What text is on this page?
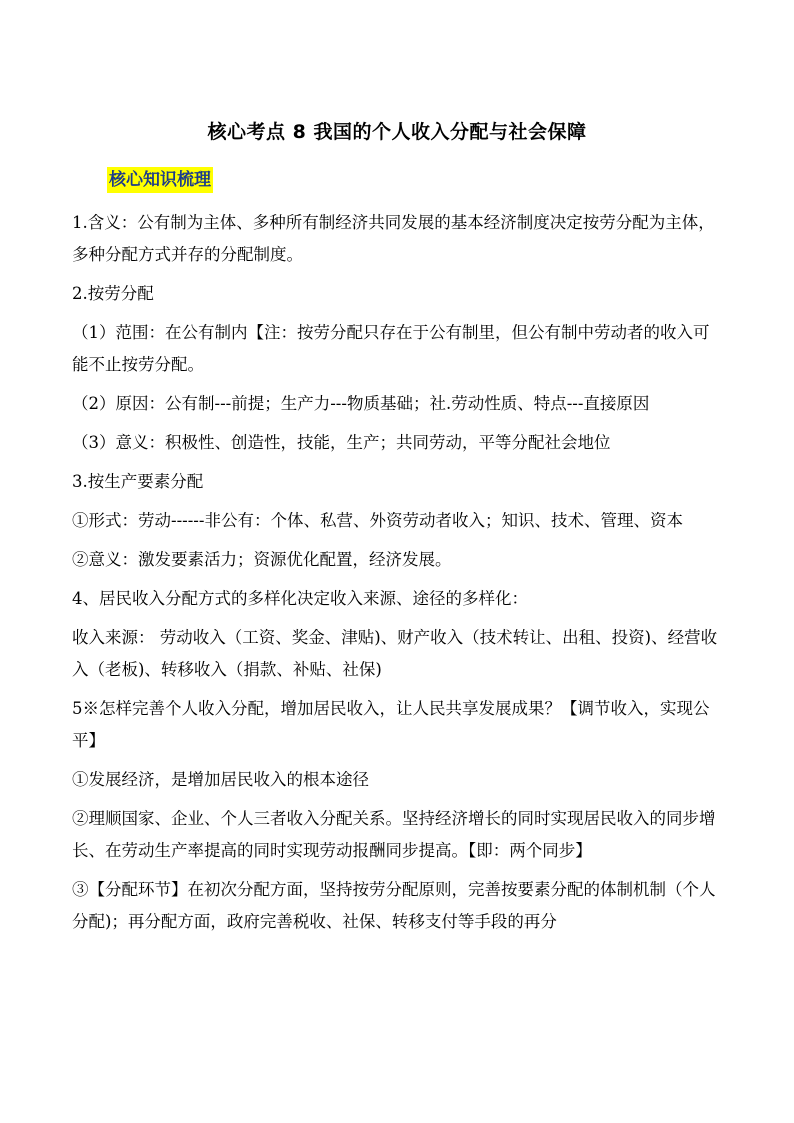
核心考点 8 我国的个人收入分配与社会保障
核心知识梳理

1.含义：公有制为主体、多种所有制经济共同发展的基本经济制度决定按劳分配为主体，多种分配方式并存的分配制度。

2.按劳分配

（1）范围：在公有制内【注：按劳分配只存在于公有制里，但公有制中劳动者的收入可能不止按劳分配。

（2）原因：公有制---前提；生产力---物质基础；社.劳动性质、特点---直接原因

（3）意义：积极性、创造性，技能，生产；共同劳动，平等分配社会地位

3.按生产要素分配

①形式：劳动------非公有：个体、私营、外资劳动者收入；知识、技术、管理、资本

②意义：激发要素活力；资源优化配置，经济发展。

4、居民收入分配方式的多样化决定收入来源、途径的多样化：

收入来源： 劳动收入（工资、奖金、津贴)、财产收入（技术转让、出租、投资)、经营收入（老板)、转移收入（捐款、补贴、社保)

5※怎样完善个人收入分配，增加居民收入，让人民共享发展成果？【调节收入，实现公平】

①发展经济，是增加居民收入的根本途径

②理顺国家、企业、个人三者收入分配关系。坚持经济增长的同时实现居民收入的同步增长、在劳动生产率提高的同时实现劳动报酬同步提高。【即：两个同步】

③【分配环节】在初次分配方面，坚持按劳分配原则，完善按要素分配的体制机制（个人分配)；再分配方面，政府完善税收、社保、转移支付等手段的再分
